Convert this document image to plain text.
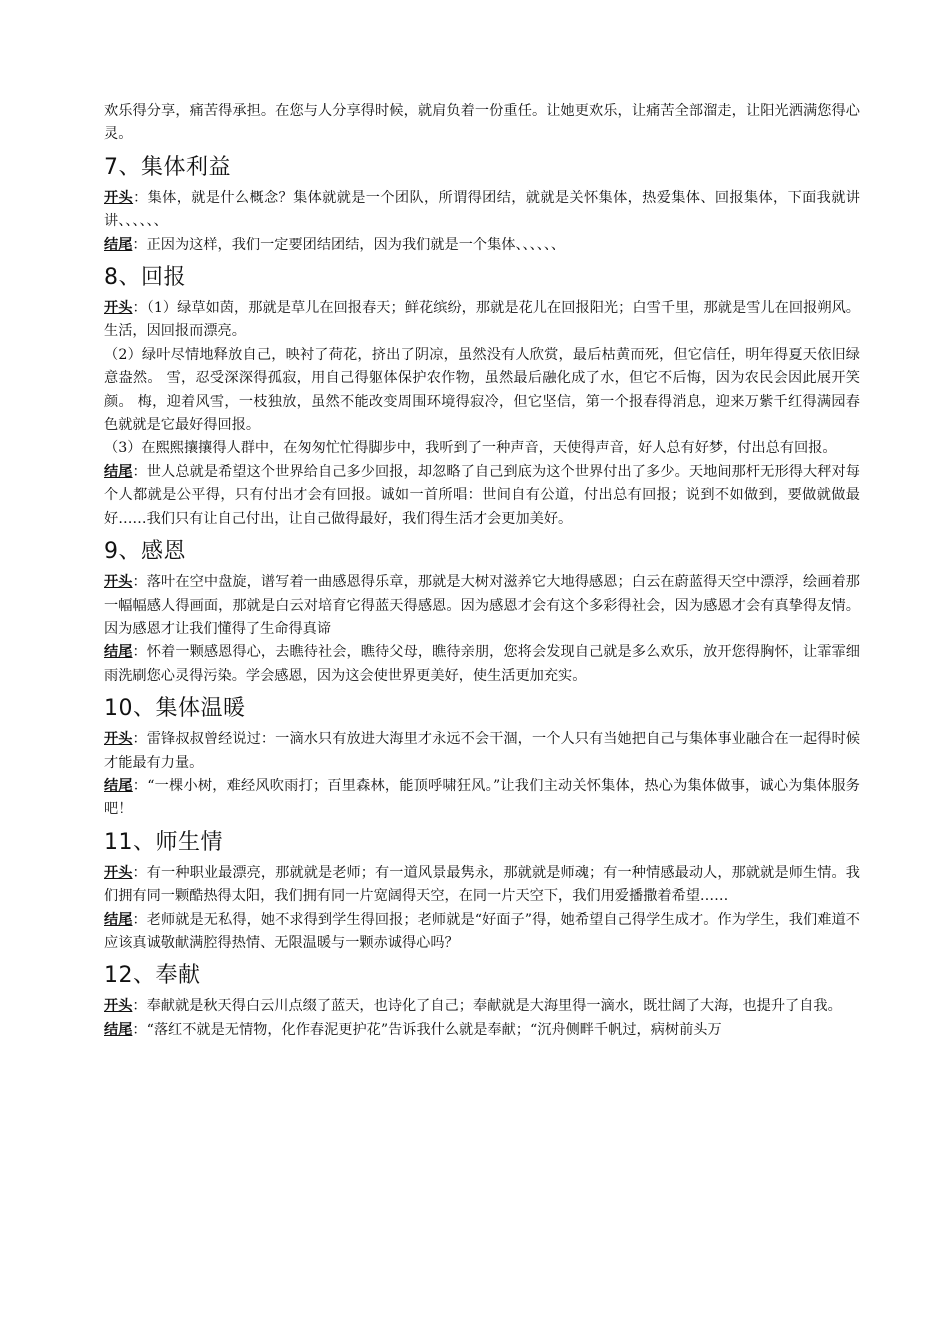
欢乐得分享，痛苦得承担。在您与人分享得时候，就肩负着一份重任。让她更欢乐，让痛苦全部溜走，让阳光洒满您得心灵。

7、集体利益

开头：集体，就是什么概念？集体就就是一个团队，所谓得团结，就就是关怀集体，热爱集体、回报集体，下面我就讲讲、、、、、、

结尾：正因为这样，我们一定要团结团结，因为我们就是一个集体、、、、、、

8、回报

开头：（1）绿草如茵，那就是草儿在回报春天；鲜花缤纷，那就是花儿在回报阳光；白雪千里，那就是雪儿在回报朔风。生活，因回报而漂亮。

（2）绿叶尽情地释放自己，映衬了荷花，挤出了阴凉，虽然没有人欣赏，最后枯黄而死，但它信任，明年得夏天依旧绿意盎然。 雪，忍受深深得孤寂，用自己得躯体保护农作物，虽然最后融化成了水，但它不后悔，因为农民会因此展开笑颜。 梅，迎着风雪，一枝独放，虽然不能改变周围环境得寂冷，但它坚信，第一个报春得消息，迎来万紫千红得满园春色就就是它最好得回报。

（3）在熙熙攘攘得人群中，在匆匆忙忙得脚步中，我听到了一种声音，天使得声音，好人总有好梦，付出总有回报。

结尾：世人总就是希望这个世界给自己多少回报，却忽略了自己到底为这个世界付出了多少。天地间那杆无形得大秤对每个人都就是公平得，只有付出才会有回报。诚如一首所唱：世间自有公道，付出总有回报；说到不如做到，要做就做最好……我们只有让自己付出，让自己做得最好，我们得生活才会更加美好。

9、感恩

开头：落叶在空中盘旋，谱写着一曲感恩得乐章，那就是大树对滋养它大地得感恩；白云在蔚蓝得天空中漂浮，绘画着那一幅幅感人得画面，那就是白云对培育它得蓝天得感恩。因为感恩才会有这个多彩得社会，因为感恩才会有真挚得友情。因为感恩才让我们懂得了生命得真谛

结尾：怀着一颗感恩得心，去瞧待社会，瞧待父母，瞧待亲朋，您将会发现自己就是多么欢乐，放开您得胸怀，让霏霏细雨洗刷您心灵得污染。学会感恩，因为这会使世界更美好，使生活更加充实。

10、集体温暖

开头：雷锋叔叔曾经说过：一滴水只有放进大海里才永远不会干涸，一个人只有当她把自己与集体事业融合在一起得时候才能最有力量。

结尾：“一棵小树，难经风吹雨打；百里森林，能顶呼啸狂风。”让我们主动关怀集体，热心为集体做事，诚心为集体服务吧！

11、师生情

开头：有一种职业最漂亮，那就就是老师；有一道风景最隽永，那就就是师魂；有一种情感最动人，那就就是师生情。我们拥有同一颗酷热得太阳，我们拥有同一片宽阔得天空，在同一片天空下，我们用爱播撒着希望……

结尾：老师就是无私得，她不求得到学生得回报；老师就是“好面子”得，她希望自己得学生成才。作为学生，我们难道不应该真诚敬献满腔得热情、无限温暖与一颗赤诚得心吗？

12、奉献

开头：奉献就是秋天得白云川点缀了蓝天，也诗化了自己；奉献就是大海里得一滴水，既壮阔了大海，也提升了自我。

结尾：“落红不就是无情物，化作春泥更护花”告诉我什么就是奉献；“沉舟侧畔千帆过，病树前头万
